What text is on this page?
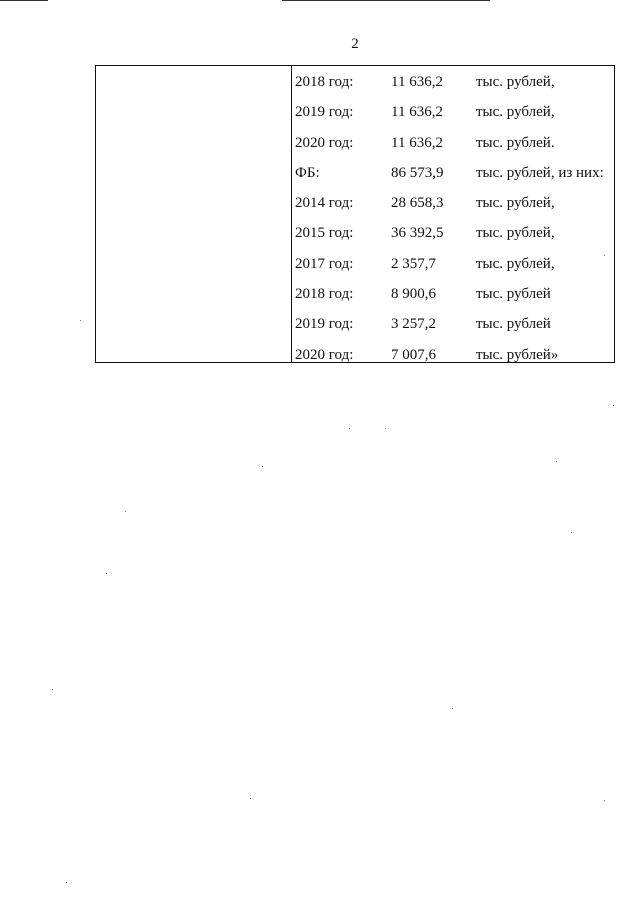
2
2018 год:	11 636,2 тыс. рублей,
2019 год:	11 636,2 тыс. рублей,
2020 год:	11 636,2 тыс. рублей.
ФБ:	86 573,9 тыс. рублей, из них:
2014 год:	28 658,3 тыс. рублей,
2015 год:	36 392,5 тыс. рублей,
2017 год:	2 357,7	тыс. рублей,
2018 год:	8 900,6	тыс. рублей
2019 год:	3 257,2	тыс. рублей
2020 год:	7 007,6	тыс. рублей»
